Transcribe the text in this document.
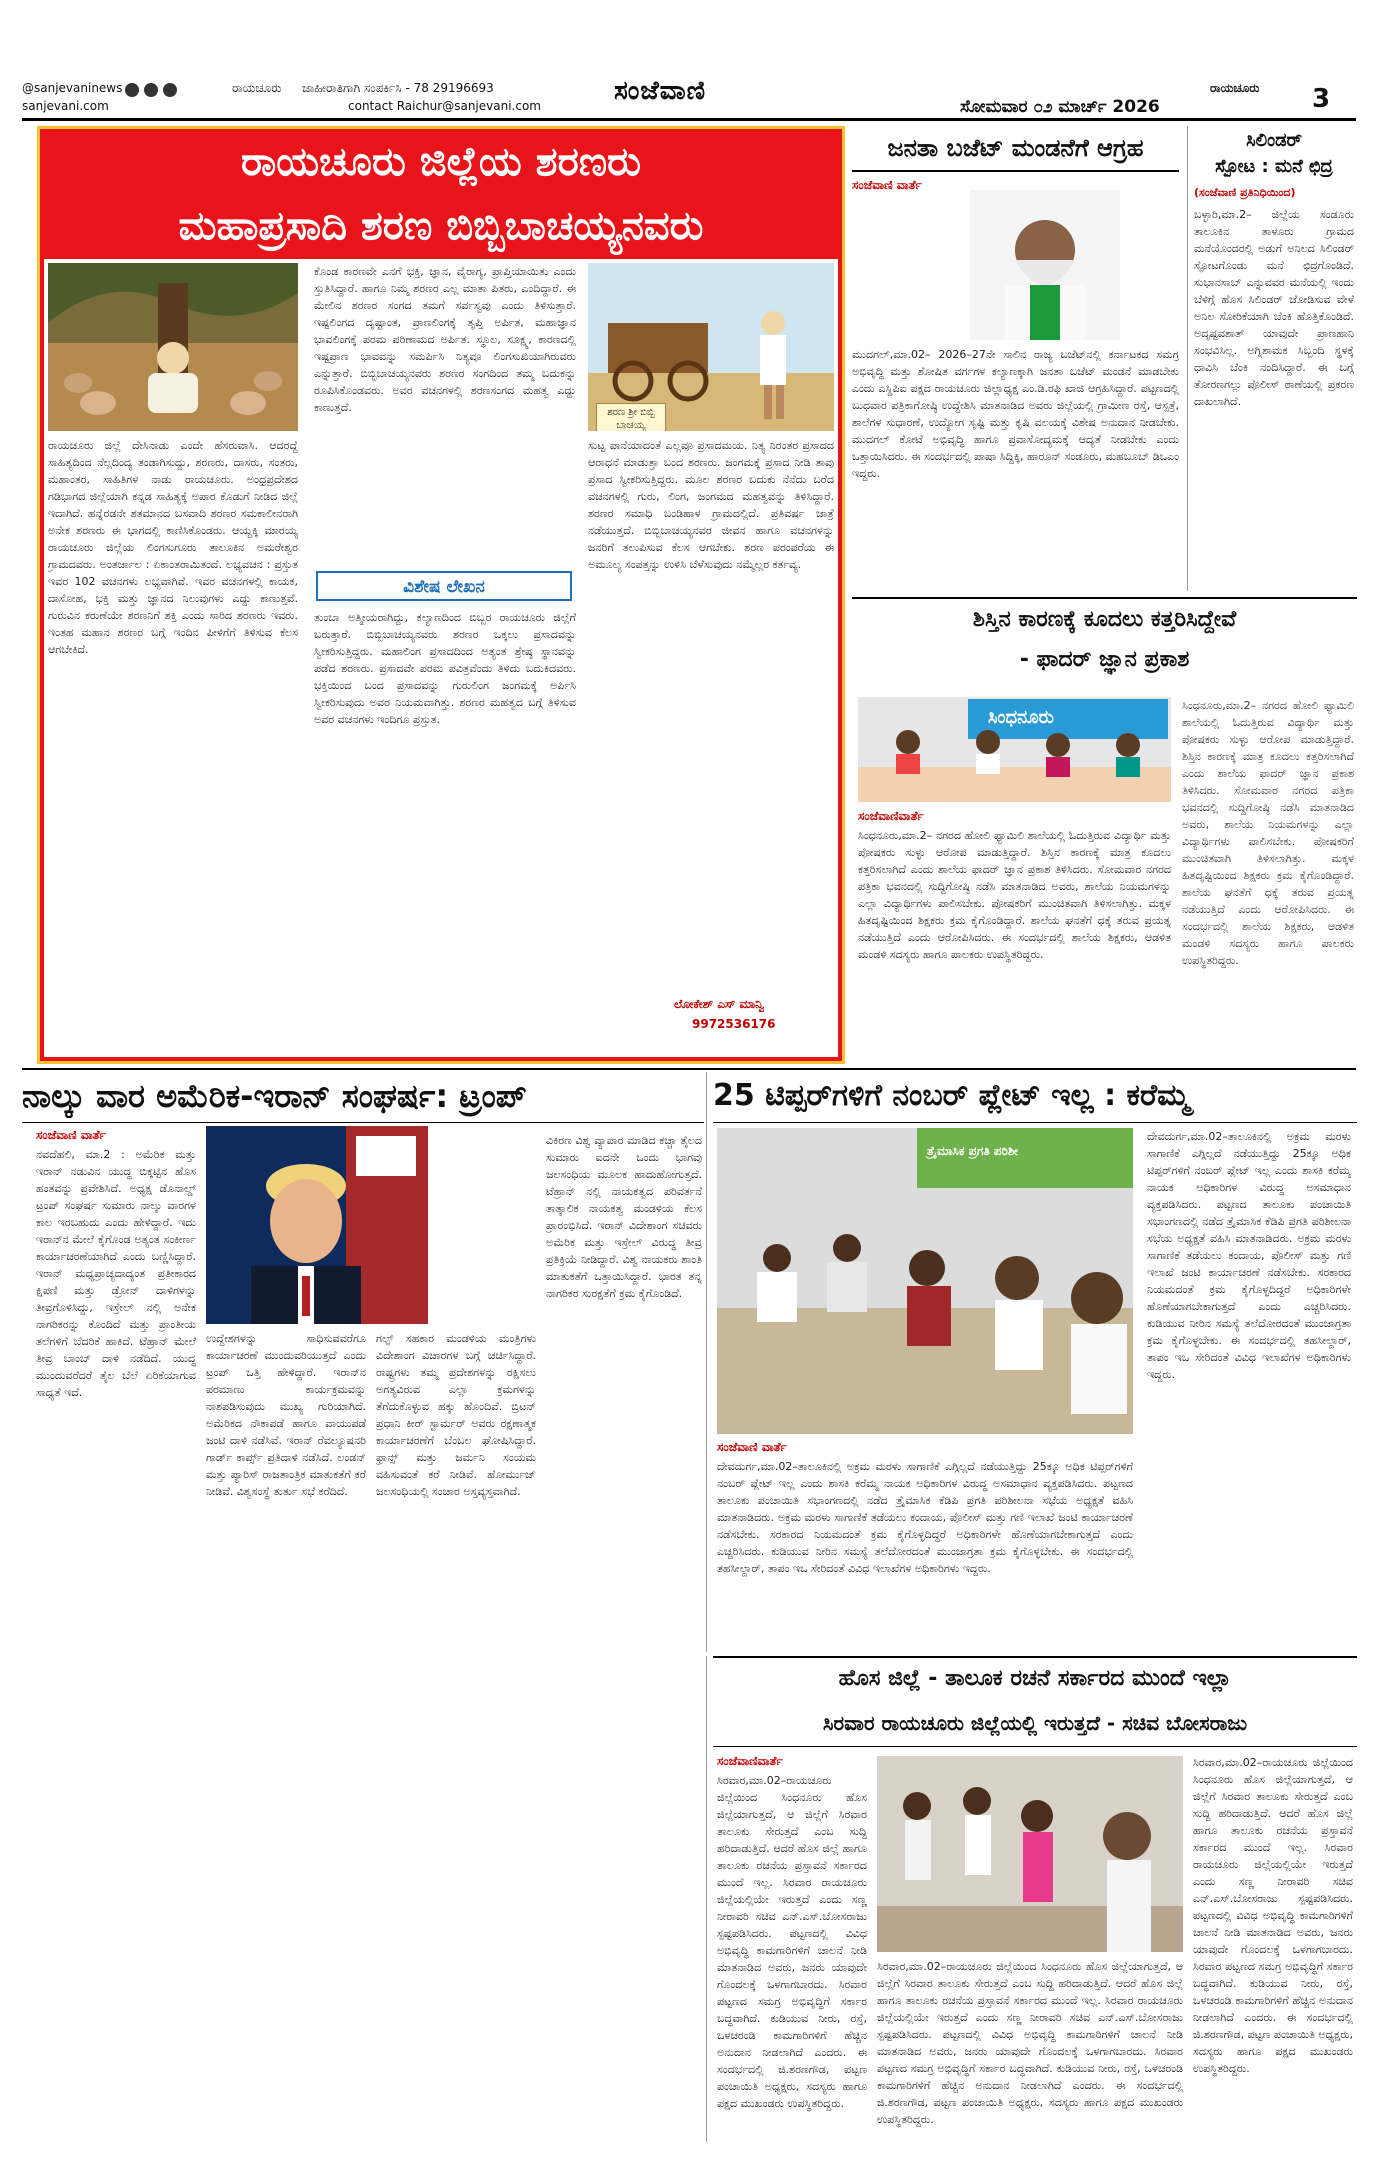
@sanjevaninews

sanjevani.com
ರಾಯಚೂರು ಜಾಹೀರಾತಿಗಾಗಿ ಸಂಪರ್ಕಿಸಿ - 78 29196693
contact Raichur@sanjevani.com	ಸಂಜೆವಾಣಿ	ರಾಯಚೂರು
ಸೋಮವಾರ ೦೨ ಮಾರ್ಚ್ 2026	3
ರಾಯಚೂರು ಜಿಲ್ಲೆಯ ಶರಣರು
ಮಹಾಪ್ರಸಾದಿ ಶರಣ ಬಿಬ್ಬಿಬಾಚಯ್ಯನವರು
ಶರಣ ಶ್ರೀ ಬಿಬ್ಬಿ ಬಾಚಯ್ಯ
ರಾಯಚೂರು ಜಿಲ್ಲೆ ದೇಸಿನಾಡು ಎಂದೇ ಹೆಸರುವಾಸಿ. ಆದರದ್ದೆ ಸಾಹಿತ್ಯದಿಂದ ನೆಲ್ಲದಿಂದ್ಯ ತಂಡಾಗಿಸುದ್ದು, ಶರಣರು, ದಾಸರು, ಸಂತರು, ಮಹಾಂತರ, ಸಾಹಿತಿಗಳ ನಾಡು ರಾಯಚೂರು. ಅಂಧ್ರಪ್ರದೇಶದ ಗಡಿಭಾಗದ ಜಿಲ್ಲೆಯಾಗಿ ಕನ್ನಡ ಸಾಹಿತ್ಯಕ್ಕೆ ಅಪಾರ ಕೊಡುಗೆ ನೀಡಿದ ಜಿಲ್ಲೆ ಇದಾಗಿದೆ. ಹನ್ನೆರಡನೇ ಶತಮಾನದ ಬಸವಾದಿ ಶರಣರ ಸಮಕಾಲೀನರಾಗಿ ಅನೇಕ ಶರಣರು ಈ ಭಾಗದಲ್ಲಿ ಕಾಣಿಸಿಕೊಂಡರು. ಆಯ್ದಕ್ಕಿ ಮಾರಯ್ಯ ರಾಯಚೂರು ಜಿಲ್ಲೆಯ ಲಿಂಗಸುಗೂರು ತಾಲೂಕಿನ ಅಮರೇಶ್ವರ ಗ್ರಾಮದವರು. ಅಂತರ್ಜಾಲ : ಏಕಾಂತರಾಮಿತಂದೆ. ಲಭ್ಯವಚನ : ಪ್ರಸ್ತುತ ಇವರ 102 ವಚನಗಳು ಲಭ್ಯವಾಗಿವೆ. ಇವರ ವಚನಗಳಲ್ಲಿ ಕಾಯಕ, ದಾಸೋಹ, ಭಕ್ತಿ ಮತ್ತು ಜ್ಞಾನದ ನಿಲುವುಗಳು ಎದ್ದು ಕಾಣುತ್ತವೆ. ಗುರುವಿನ ಕರುಣೆಯೇ ಶರಣನಿಗೆ ಶಕ್ತಿ ಎಂದು ಸಾರಿದ ಶರಣರು ಇವರು. ಇಂತಹ ಮಹಾನ ಶರಣರ ಬಗ್ಗೆ ಇಂದಿನ ಪೀಳಿಗೆಗೆ ತಿಳಿಸುವ ಕೆಲಸ ಆಗಬೇಕಿದೆ.
ಕೊಂಡ ಕಾರಣವೇ ಎನಗೆ ಭಕ್ತಿ, ಜ್ಞಾನ, ವೈರಾಗ್ಯ, ಪ್ರಾಪ್ತಿಯಾಯಿತು ಎಂದು ಸ್ತುತಿಸಿದ್ದಾರೆ. ಹಾಗೂ ನಿಮ್ಮ ಶರಣರ ಎಲ್ಲ ಮಾತಾ ಪಿತರು, ಎಂದಿದ್ದಾರೆ. ಈ ಮೇಲಿನ ಶರಣರ ಸಂಗದ ತಮಗೆ ಸರ್ವಸ್ವವು ಎಂದು ತಿಳಿಸುತ್ತಾರೆ. ಇಷ್ಟಲಿಂಗದ ದೃಷ್ಟಾಂತ, ಪ್ರಾಣಲಿಂಗಕ್ಕೆ ತೃಪ್ತಿ ಅರ್ಪಿತ, ಮಹಾಜ್ಞಾನ ಭಾವಲಿಂಗಕ್ಕೆ ಪರಮ ಪರಿಣಾಮದ ಅರ್ಪಿತ. ಸ್ಥೂಲ, ಸೂಕ್ಷ್ಮ, ಕಾರಣದಲ್ಲಿ ಇಷ್ಟಪ್ರಾಣ ಭಾವವನ್ನು ಸಮರ್ಪಿಸಿ ನಿತ್ಯವೂ ಲಿಂಗಸುಖಿಯಾಗಿರುವರು ಎನ್ನುತ್ತಾರೆ. ಬಿಬ್ಬಿಬಾಚಯ್ಯನವರು ಶರಣರ ಸಂಗದಿಂದ ತಮ್ಮ ಬದುಕನ್ನು ರೂಪಿಸಿಕೊಂಡವರು. ಅವರ ವಚನಗಳಲ್ಲಿ ಶರಣಸಂಗದ ಮಹತ್ವ ಎದ್ದು ಕಾಣುತ್ತದೆ.
ವಿಶೇಷ ಲೇಖನ
ತುಂಬಾ ಅತ್ಮೀಯರಾಗಿದ್ದು, ಕಲ್ಯಾಣದಿಂದ ಬಿಬ್ಬರ ರಾಯಚೂರು ಜಿಲ್ಲೆಗೆ ಬರುತ್ತಾರೆ. ಬಿಬ್ಬಿಬಾಚಯ್ಯನವರು ಶರಣರ ಒಕ್ಕಲು ಪ್ರಸಾದವನ್ನು ಸ್ವೀಕರಿಸುತ್ತಿದ್ದರು. ಮಹಾಲಿಂಗ ಪ್ರಸಾದದಿಂದ ಅತ್ಯಂತ ಶ್ರೇಷ್ಠ ಸ್ಥಾನವನ್ನು ಪಡೆದ ಶರಣರು. ಪ್ರಸಾದವೇ ಪರಮ ಪವಿತ್ರವೆಂದು ತಿಳಿದು ಬದುಕಿದವರು. ಭಕ್ತಿಯಿಂದ ಬಂದ ಪ್ರಸಾದವನ್ನು ಗುರುಲಿಂಗ ಜಂಗಮಕ್ಕೆ ಅರ್ಪಿಸಿ ಸ್ವೀಕರಿಸುವುದು ಅವರ ನಿಯಮವಾಗಿತ್ತು. ಶರಣರ ಮಹತ್ವದ ಬಗ್ಗೆ ತಿಳಿಸುವ ಅವರ ವಚನಗಳು ಇಂದಿಗೂ ಪ್ರಸ್ತುತ.
ಸುಟ್ಟ ಪಾನೆಯಾದಂತೆ ಎಲ್ಲವೂ ಪ್ರಸಾದಮಯ. ನಿತ್ಯ ನಿರಂತರ ಪ್ರಸಾದದ ಆರಾಧನೆ ಮಾಡುತ್ತಾ ಬಂದ ಶರಣರು. ಜಂಗಮಕ್ಕೆ ಪ್ರಸಾದ ನೀಡಿ ತಾವು ಪ್ರಸಾದ ಸ್ವೀಕರಿಸುತ್ತಿದ್ದರು. ಮೂಲ ಶರಣರ ಬದುಕು ನೆನೆದು ಬರೆದ ವಚನಗಳಲ್ಲಿ ಗುರು, ಲಿಂಗ, ಜಂಗಮದ ಮಹತ್ವವನ್ನು ತಿಳಿಸಿದ್ದಾರೆ. ಶರಣರ ಸಮಾಧಿ ಬಂಡಿಹಾಳ ಗ್ರಾಮದಲ್ಲಿದೆ. ಪ್ರತಿವರ್ಷ ಜಾತ್ರೆ ನಡೆಯುತ್ತದೆ. ಬಿಬ್ಬಿಬಾಚಯ್ಯನವರ ಜೀವನ ಹಾಗೂ ವಚನಗಳನ್ನು ಜನರಿಗೆ ತಲುಪಿಸುವ ಕೆಲಸ ಆಗಬೇಕು. ಶರಣ ಪರಂಪರೆಯ ಈ ಅಮೂಲ್ಯ ಸಂಪತ್ತನ್ನು ಉಳಿಸಿ ಬೆಳೆಸುವುದು ನಮ್ಮೆಲ್ಲರ ಕರ್ತವ್ಯ.
ಲೋಕೇಶ್ ಎಸ್ ಮಾನ್ವಿ
9972536176
ಜನತಾ ಬಜೆಟ್ ಮಂಡನೆಗೆ ಆಗ್ರಹ
ಸಂಜೆವಾಣಿ ವಾರ್ತೆ
ಮುದಗಲ್,ಮಾ.02– 2026–27ನೇ ಸಾಲಿನ ರಾಜ್ಯ ಬಜೆಟ್‌ನಲ್ಲಿ ಕರ್ನಾಟಕದ ಸಮಗ್ರ ಅಭಿವೃದ್ಧಿ ಮತ್ತು ಶೋಷಿತ ವರ್ಗಗಳ ಕಲ್ಯಾಣಕ್ಕಾಗಿ ಜನತಾ ಬಜೆಟ್ ಮಂಡನೆ ಮಾಡಬೇಕು ಎಂದು ಎಸ್ಡಿಪಿಐ ಪಕ್ಷದ ರಾಯಚೂರು ಜಿಲ್ಲಾಧ್ಯಕ್ಷ ಎಂ.ಡಿ.ರಫಿ ಖಾಜಿ ಆಗ್ರಹಿಸಿದ್ದಾರೆ. ಪಟ್ಟಣದಲ್ಲಿ ಬುಧವಾರ ಪತ್ರಿಕಾಗೋಷ್ಠಿ ಉದ್ದೇಶಿಸಿ ಮಾತನಾಡಿದ ಅವರು ಜಿಲ್ಲೆಯಲ್ಲಿ ಗ್ರಾಮೀಣ ರಸ್ತೆ, ಆಸ್ಪತ್ರೆ, ಶಾಲೆಗಳ ಸುಧಾರಣೆ, ಉದ್ಯೋಗ ಸೃಷ್ಟಿ ಮತ್ತು ಕೃಷಿ ವಲಯಕ್ಕೆ ವಿಶೇಷ ಅನುದಾನ ನೀಡಬೇಕು. ಮುದಗಲ್ ಕೋಟೆ ಅಭಿವೃದ್ಧಿ ಹಾಗೂ ಪ್ರವಾಸೋದ್ಯಮಕ್ಕೆ ಆದ್ಯತೆ ನೀಡಬೇಕು ಎಂದು ಒತ್ತಾಯಿಸಿದರು. ಈ ಸಂದರ್ಭದಲ್ಲಿ ಪಾಷಾ ಸಿದ್ದಿಕ್ಕಿ, ಹಾರೂನ್ ಸಂಡೂರು, ಮಹಬೂಬ್ ಡಿಒಎಂ ಇದ್ದರು.
ಸಿಲಿಂಡರ್
ಸ್ಫೋಟ : ಮನೆ ಛಿದ್ರ
(ಸಂಜೆವಾಣಿ ಪ್ರತಿನಿಧಿಯಿಂದ)
ಬಳ್ಳಾರಿ,ಮಾ.2– ಜಿಲ್ಲೆಯ ಸಂಡೂರು ತಾಲೂಕಿನ ತಾಳೂರು ಗ್ರಾಮದ ಮನೆಯೊಂದರಲ್ಲಿ ಅಡುಗೆ ಅನಿಲದ ಸಿಲಿಂಡರ್ ಸ್ಫೋಟಗೊಂಡು ಮನೆ ಛಿದ್ರಗೊಂಡಿದೆ. ಸುಭಾನಸಾಬ್ ಎನ್ನುವವರ ಮನೆಯಲ್ಲಿ ಇಂದು ಬೆಳಿಗ್ಗೆ ಹೊಸ ಸಿಲಿಂಡರ್ ಜೋಡಿಸುವ ವೇಳೆ ಅನಿಲ ಸೋರಿಕೆಯಾಗಿ ಬೆಂಕಿ ಹೊತ್ತಿಕೊಂಡಿದೆ. ಅದೃಷ್ಟವಶಾತ್ ಯಾವುದೇ ಪ್ರಾಣಹಾನಿ ಸಂಭವಿಸಿಲ್ಲ. ಅಗ್ನಿಶಾಮಕ ಸಿಬ್ಬಂದಿ ಸ್ಥಳಕ್ಕೆ ಧಾವಿಸಿ ಬೆಂಕಿ ನಂದಿಸಿದ್ದಾರೆ. ಈ ಬಗ್ಗೆ ತೋರಣಗಲ್ಲು ಪೊಲೀಸ್ ಠಾಣೆಯಲ್ಲಿ ಪ್ರಕರಣ ದಾಖಲಾಗಿದೆ.
ಶಿಸ್ತಿನ ಕಾರಣಕ್ಕೆ ಕೂದಲು ಕತ್ತರಿಸಿದ್ದೇವೆ
- ಫಾದರ್ ಜ್ಞಾನ ಪ್ರಕಾಶ
ಸಿಂಧನೂರು
ಸಂಜೆವಾಣಿವಾರ್ತೆ
ಸಿಂಧನೂರು,ಮಾ.2– ನಗರದ ಹೋಲಿ ಫ್ಯಾಮಿಲಿ ಶಾಲೆಯಲ್ಲಿ ಓದುತ್ತಿರುವ ವಿದ್ಯಾರ್ಥಿ ಮತ್ತು ಪೋಷಕರು ಸುಳ್ಳು ಆರೋಪ ಮಾಡುತ್ತಿದ್ದಾರೆ. ಶಿಸ್ತಿನ ಕಾರಣಕ್ಕೆ ಮಾತ್ರ ಕೂದಲು ಕತ್ತರಿಸಲಾಗಿದೆ ಎಂದು ಶಾಲೆಯ ಫಾದರ್ ಜ್ಞಾನ ಪ್ರಕಾಶ ತಿಳಿಸಿದರು. ಸೋಮವಾರ ನಗರದ ಪತ್ರಿಕಾ ಭವನದಲ್ಲಿ ಸುದ್ದಿಗೋಷ್ಠಿ ನಡೆಸಿ ಮಾತನಾಡಿದ ಅವರು, ಶಾಲೆಯ ನಿಯಮಗಳನ್ನು ಎಲ್ಲಾ ವಿದ್ಯಾರ್ಥಿಗಳು ಪಾಲಿಸಬೇಕು. ಪೋಷಕರಿಗೆ ಮುಂಚಿತವಾಗಿ ತಿಳಿಸಲಾಗಿತ್ತು. ಮಕ್ಕಳ ಹಿತದೃಷ್ಟಿಯಿಂದ ಶಿಕ್ಷಕರು ಕ್ರಮ ಕೈಗೊಂಡಿದ್ದಾರೆ. ಶಾಲೆಯ ಘನತೆಗೆ ಧಕ್ಕೆ ತರುವ ಪ್ರಯತ್ನ ನಡೆಯುತ್ತಿದೆ ಎಂದು ಆರೋಪಿಸಿದರು. ಈ ಸಂದರ್ಭದಲ್ಲಿ ಶಾಲೆಯ ಶಿಕ್ಷಕರು, ಆಡಳಿತ ಮಂಡಳಿ ಸದಸ್ಯರು ಹಾಗೂ ಪಾಲಕರು ಉಪಸ್ಥಿತರಿದ್ದರು.
ಸಿಂಧನೂರು,ಮಾ.2– ನಗರದ ಹೋಲಿ ಫ್ಯಾಮಿಲಿ ಶಾಲೆಯಲ್ಲಿ ಓದುತ್ತಿರುವ ವಿದ್ಯಾರ್ಥಿ ಮತ್ತು ಪೋಷಕರು ಸುಳ್ಳು ಆರೋಪ ಮಾಡುತ್ತಿದ್ದಾರೆ. ಶಿಸ್ತಿನ ಕಾರಣಕ್ಕೆ ಮಾತ್ರ ಕೂದಲು ಕತ್ತರಿಸಲಾಗಿದೆ ಎಂದು ಶಾಲೆಯ ಫಾದರ್ ಜ್ಞಾನ ಪ್ರಕಾಶ ತಿಳಿಸಿದರು. ಸೋಮವಾರ ನಗರದ ಪತ್ರಿಕಾ ಭವನದಲ್ಲಿ ಸುದ್ದಿಗೋಷ್ಠಿ ನಡೆಸಿ ಮಾತನಾಡಿದ ಅವರು, ಶಾಲೆಯ ನಿಯಮಗಳನ್ನು ಎಲ್ಲಾ ವಿದ್ಯಾರ್ಥಿಗಳು ಪಾಲಿಸಬೇಕು. ಪೋಷಕರಿಗೆ ಮುಂಚಿತವಾಗಿ ತಿಳಿಸಲಾಗಿತ್ತು. ಮಕ್ಕಳ ಹಿತದೃಷ್ಟಿಯಿಂದ ಶಿಕ್ಷಕರು ಕ್ರಮ ಕೈಗೊಂಡಿದ್ದಾರೆ. ಶಾಲೆಯ ಘನತೆಗೆ ಧಕ್ಕೆ ತರುವ ಪ್ರಯತ್ನ ನಡೆಯುತ್ತಿದೆ ಎಂದು ಆರೋಪಿಸಿದರು. ಈ ಸಂದರ್ಭದಲ್ಲಿ ಶಾಲೆಯ ಶಿಕ್ಷಕರು, ಆಡಳಿತ ಮಂಡಳಿ ಸದಸ್ಯರು ಹಾಗೂ ಪಾಲಕರು ಉಪಸ್ಥಿತರಿದ್ದರು.
ನಾಲ್ಕು ವಾರ ಅಮೆರಿಕ-ಇರಾನ್ ಸಂಘರ್ಷ: ಟ್ರಂಪ್
ಸಂಜೆವಾಣಿ ವಾರ್ತೆ
ನವದೆಹಲಿ, ಮಾ.2 : ಅಮೆರಿಕ ಮತ್ತು ಇರಾನ್ ನಡುವಿನ ಯುದ್ಧ ಬಿಕ್ಕಟ್ಟಿನ ಹೊಸ ಹಂತವನ್ನು ಪ್ರವೇಶಿಸಿದೆ. ಅಧ್ಯಕ್ಷ ಡೊನಾಲ್ಡ್ ಟ್ರಂಪ್ ಸಂಘರ್ಷ ಸುಮಾರು ನಾಲ್ಕು ವಾರಗಳ ಕಾಲ ಇರಬಹುದು ಎಂದು ಹೇಳಿದ್ದಾರೆ. ಇದು ಇರಾನ್‌ನ ಮೇಲೆ ಕೈಗೊಂಡ ಅತ್ಯಂತ ಸಂಕೀರ್ಣ ಕಾರ್ಯಾಚರಣೆಯಾಗಿದೆ ಎಂದು ಬಣ್ಣಿಸಿದ್ದಾರೆ. ಇರಾನ್ ಮಧ್ಯಪ್ರಾಚ್ಯದಾದ್ಯಂತ ಪ್ರತೀಕಾರದ ಕ್ಷಿಪಣಿ ಮತ್ತು ಡ್ರೋನ್ ದಾಳಿಗಳನ್ನು ತೀವ್ರಗೊಳಿಸಿದ್ದು, ಇಸ್ರೇಲ್ ನಲ್ಲಿ ಅನೇಕ ನಾಗರಿಕರನ್ನು ಕೊಂದಿದೆ ಮತ್ತು ಪ್ರಾಂತೀಯ ತಲೆಗಳಿಗೆ ಬೆದರಿಕೆ ಹಾಕಿದೆ. ಟೆಹ್ರಾನ್ ಮೇಲೆ ತೀವ್ರ ಬಾಂಬ್ ದಾಳಿ ನಡೆದಿದೆ. ಯುದ್ಧ ಮುಂದುವರೆದರೆ ತೈಲ ಬೆಲೆ ಏರಿಕೆಯಾಗುವ ಸಾಧ್ಯತೆ ಇದೆ.
ಉದ್ದೇಶಗಳನ್ನು ಸಾಧಿಸುವವರೆಗೂ ಕಾರ್ಯಾಚರಣೆ ಮುಂದುವರಿಯುತ್ತದೆ ಎಂದು ಟ್ರಂಪ್ ಒತ್ತಿ ಹೇಳಿದ್ದಾರೆ. ಇರಾನ್‌ನ ಪರಮಾಣು ಕಾರ್ಯಕ್ರಮವನ್ನು ನಾಶಪಡಿಸುವುದು ಮುಖ್ಯ ಗುರಿಯಾಗಿದೆ. ಅಮೆರಿಕದ ನೌಕಾಪಡೆ ಹಾಗೂ ವಾಯುಪಡೆ ಜಂಟಿ ದಾಳಿ ನಡೆಸಿವೆ. ಇರಾನ್ ರೆವಲ್ಯೂಷನರಿ ಗಾರ್ಡ್ ಕಾರ್ಪ್ಸ್ ಪ್ರತಿದಾಳಿ ನಡೆಸಿದೆ. ಲಂಡನ್ ಮತ್ತು ಪ್ಯಾರಿಸ್ ರಾಜತಾಂತ್ರಿಕ ಮಾತುಕತೆಗೆ ಕರೆ ನೀಡಿವೆ. ವಿಶ್ವಸಂಸ್ಥೆ ತುರ್ತು ಸಭೆ ಕರೆದಿದೆ.
ಗಲ್ಫ್ ಸಹಕಾರ ಮಂಡಳಿಯ ಮಂತ್ರಿಗಳು ವಿದೇಶಾಂಗ ವಿಚಾರಗಳ ಬಗ್ಗೆ ಚರ್ಚಿಸಿದ್ದಾರೆ. ರಾಷ್ಟ್ರಗಳು ತಮ್ಮ ಪ್ರದೇಶಗಳನ್ನು ರಕ್ಷಿಸಲು ಅಗತ್ಯವಿರುವ ಎಲ್ಲಾ ಕ್ರಮಗಳನ್ನು ತೆಗೆದುಕೊಳ್ಳುವ ಹಕ್ಕು ಹೊಂದಿವೆ. ಬ್ರಿಟನ್ ಪ್ರಧಾನಿ ಕೀರ್ ಸ್ಟಾರ್ಮರ್ ಅವರು ರಕ್ಷಣಾತ್ಮಕ ಕಾರ್ಯಾಚರಣೆಗೆ ಬೆಂಬಲ ಘೋಷಿಸಿದ್ದಾರೆ. ಫ್ರಾನ್ಸ್ ಮತ್ತು ಜರ್ಮನಿ ಸಂಯಮ ವಹಿಸುವಂತೆ ಕರೆ ನೀಡಿವೆ. ಹೋರ್ಮುಜ್ ಜಲಸಂಧಿಯಲ್ಲಿ ಸಂಚಾರ ಅಸ್ತವ್ಯಸ್ತವಾಗಿದೆ.
ವಿಕಿರಣ ವಿಶ್ವ ವ್ಯಾಪಾರ ಮಾಡಿದ ಕಚ್ಚಾ ತೈಲದ ಸುಮಾರು ಐದನೇ ಒಂದು ಭಾಗವು ಜಲಸಂಧಿಯ ಮೂಲಕ ಹಾದುಹೋಗುತ್ತದೆ. ಟೆಹ್ರಾನ್ ನಲ್ಲಿ ನಾಯಕತ್ವದ ಪರಿವರ್ತನೆ ತಾತ್ಕಾಲಿಕ ನಾಯಕತ್ವ ಮಂಡಳಿಯ ಕೆಲಸ ಪ್ರಾರಂಭಿಸಿದೆ. ಇರಾನ್ ವಿದೇಶಾಂಗ ಸಚಿವರು ಅಮೆರಿಕ ಮತ್ತು ಇಸ್ರೇಲ್ ವಿರುದ್ಧ ತೀವ್ರ ಪ್ರತಿಕ್ರಿಯೆ ನೀಡಿದ್ದಾರೆ. ವಿಶ್ವ ನಾಯಕರು ಶಾಂತಿ ಮಾತುಕತೆಗೆ ಒತ್ತಾಯಿಸಿದ್ದಾರೆ. ಭಾರತ ತನ್ನ ನಾಗರಿಕರ ಸುರಕ್ಷತೆಗೆ ಕ್ರಮ ಕೈಗೊಂಡಿದೆ.
25 ಟಿಪ್ಪರ್‌ಗಳಿಗೆ ನಂಬರ್ ಪ್ಲೇಟ್ ಇಲ್ಲ : ಕರೆಮ್ಮ
ತ್ರೈಮಾಸಿಕ ಪ್ರಗತಿ ಪರಿಶೀ
ಸಂಜೆವಾಣಿ ವಾರ್ತೆ
ದೇವದುರ್ಗ,ಮಾ.02–ತಾಲೂಕಿನಲ್ಲಿ ಅಕ್ರಮ ಮರಳು ಸಾಗಾಣಿಕೆ ಎಗ್ಗಿಲ್ಲದೆ ನಡೆಯುತ್ತಿದ್ದು 25ಕ್ಕೂ ಅಧಿಕ ಟಿಪ್ಪರ್‌ಗಳಿಗೆ ನಂಬರ್ ಪ್ಲೇಟ್ ಇಲ್ಲ ಎಂದು ಶಾಸಕಿ ಕರೆಮ್ಮ ನಾಯಕ ಅಧಿಕಾರಿಗಳ ವಿರುದ್ಧ ಅಸಮಾಧಾನ ವ್ಯಕ್ತಪಡಿಸಿದರು. ಪಟ್ಟಣದ ತಾಲೂಕು ಪಂಚಾಯಿತಿ ಸಭಾಂಗಣದಲ್ಲಿ ನಡೆದ ತ್ರೈಮಾಸಿಕ ಕೆಡಿಪಿ ಪ್ರಗತಿ ಪರಿಶೀಲನಾ ಸಭೆಯ ಅಧ್ಯಕ್ಷತೆ ವಹಿಸಿ ಮಾತನಾಡಿದರು. ಅಕ್ರಮ ಮರಳು ಸಾಗಾಣಿಕೆ ತಡೆಯಲು ಕಂದಾಯ, ಪೊಲೀಸ್ ಮತ್ತು ಗಣಿ ಇಲಾಖೆ ಜಂಟಿ ಕಾರ್ಯಾಚರಣೆ ನಡೆಸಬೇಕು. ಸರಕಾರದ ನಿಯಮದಂತೆ ಕ್ರಮ ಕೈಗೊಳ್ಳದಿದ್ದರೆ ಅಧಿಕಾರಿಗಳೇ ಹೊಣೆಯಾಗಬೇಕಾಗುತ್ತದೆ ಎಂದು ಎಚ್ಚರಿಸಿದರು. ಕುಡಿಯುವ ನೀರಿನ ಸಮಸ್ಯೆ ತಲೆದೋರದಂತೆ ಮುಂಜಾಗ್ರತಾ ಕ್ರಮ ಕೈಗೊಳ್ಳಬೇಕು. ಈ ಸಂದರ್ಭದಲ್ಲಿ ತಹಸೀಲ್ದಾರ್, ತಾಪಂ ಇಒ ಸೇರಿದಂತೆ ವಿವಿಧ ಇಲಾಖೆಗಳ ಅಧಿಕಾರಿಗಳು ಇದ್ದರು.
ದೇವದುರ್ಗ,ಮಾ.02–ತಾಲೂಕಿನಲ್ಲಿ ಅಕ್ರಮ ಮರಳು ಸಾಗಾಣಿಕೆ ಎಗ್ಗಿಲ್ಲದೆ ನಡೆಯುತ್ತಿದ್ದು 25ಕ್ಕೂ ಅಧಿಕ ಟಿಪ್ಪರ್‌ಗಳಿಗೆ ನಂಬರ್ ಪ್ಲೇಟ್ ಇಲ್ಲ ಎಂದು ಶಾಸಕಿ ಕರೆಮ್ಮ ನಾಯಕ ಅಧಿಕಾರಿಗಳ ವಿರುದ್ಧ ಅಸಮಾಧಾನ ವ್ಯಕ್ತಪಡಿಸಿದರು. ಪಟ್ಟಣದ ತಾಲೂಕು ಪಂಚಾಯಿತಿ ಸಭಾಂಗಣದಲ್ಲಿ ನಡೆದ ತ್ರೈಮಾಸಿಕ ಕೆಡಿಪಿ ಪ್ರಗತಿ ಪರಿಶೀಲನಾ ಸಭೆಯ ಅಧ್ಯಕ್ಷತೆ ವಹಿಸಿ ಮಾತನಾಡಿದರು. ಅಕ್ರಮ ಮರಳು ಸಾಗಾಣಿಕೆ ತಡೆಯಲು ಕಂದಾಯ, ಪೊಲೀಸ್ ಮತ್ತು ಗಣಿ ಇಲಾಖೆ ಜಂಟಿ ಕಾರ್ಯಾಚರಣೆ ನಡೆಸಬೇಕು. ಸರಕಾರದ ನಿಯಮದಂತೆ ಕ್ರಮ ಕೈಗೊಳ್ಳದಿದ್ದರೆ ಅಧಿಕಾರಿಗಳೇ ಹೊಣೆಯಾಗಬೇಕಾಗುತ್ತದೆ ಎಂದು ಎಚ್ಚರಿಸಿದರು. ಕುಡಿಯುವ ನೀರಿನ ಸಮಸ್ಯೆ ತಲೆದೋರದಂತೆ ಮುಂಜಾಗ್ರತಾ ಕ್ರಮ ಕೈಗೊಳ್ಳಬೇಕು. ಈ ಸಂದರ್ಭದಲ್ಲಿ ತಹಸೀಲ್ದಾರ್, ತಾಪಂ ಇಒ ಸೇರಿದಂತೆ ವಿವಿಧ ಇಲಾಖೆಗಳ ಅಧಿಕಾರಿಗಳು ಇದ್ದರು.
ಹೊಸ ಜಿಲ್ಲೆ - ತಾಲೂಕ ರಚನೆ ಸರ್ಕಾರದ ಮುಂದೆ ಇಲ್ಲಾ
ಸಿರವಾರ ರಾಯಚೂರು ಜಿಲ್ಲೆಯಲ್ಲಿ ಇರುತ್ತದೆ - ಸಚಿವ ಬೋಸರಾಜು
ಸಂಜೆವಾಣಿವಾರ್ತೆ
ಸಿರವಾರ,ಮಾ.02–ರಾಯಚೂರು ಜಿಲ್ಲೆಯಿಂದ ಸಿಂಧನೂರು ಹೊಸ ಜಿಲ್ಲೆಯಾಗುತ್ತದೆ, ಆ ಜಿಲ್ಲೆಗೆ ಸಿರವಾರ ತಾಲೂಕು ಸೇರುತ್ತದೆ ಎಂಬ ಸುದ್ದಿ ಹರಿದಾಡುತ್ತಿದೆ. ಆದರೆ ಹೊಸ ಜಿಲ್ಲೆ ಹಾಗೂ ತಾಲೂಕು ರಚನೆಯ ಪ್ರಸ್ತಾವನೆ ಸರ್ಕಾರದ ಮುಂದೆ ಇಲ್ಲ. ಸಿರವಾರ ರಾಯಚೂರು ಜಿಲ್ಲೆಯಲ್ಲಿಯೇ ಇರುತ್ತದೆ ಎಂದು ಸಣ್ಣ ನೀರಾವರಿ ಸಚಿವ ಎನ್.ಎಸ್.ಬೋಸರಾಜು ಸ್ಪಷ್ಟಪಡಿಸಿದರು. ಪಟ್ಟಣದಲ್ಲಿ ವಿವಿಧ ಅಭಿವೃದ್ಧಿ ಕಾಮಗಾರಿಗಳಿಗೆ ಚಾಲನೆ ನೀಡಿ ಮಾತನಾಡಿದ ಅವರು, ಜನರು ಯಾವುದೇ ಗೊಂದಲಕ್ಕೆ ಒಳಗಾಗಬಾರದು. ಸಿರವಾರ ಪಟ್ಟಣದ ಸಮಗ್ರ ಅಭಿವೃದ್ಧಿಗೆ ಸರ್ಕಾರ ಬದ್ಧವಾಗಿದೆ. ಕುಡಿಯುವ ನೀರು, ರಸ್ತೆ, ಒಳಚರಂಡಿ ಕಾಮಗಾರಿಗಳಿಗೆ ಹೆಚ್ಚಿನ ಅನುದಾನ ನೀಡಲಾಗಿದೆ ಎಂದರು. ಈ ಸಂದರ್ಭದಲ್ಲಿ ಜಿ.ಶರಣಗೌಡ, ಪಟ್ಟಣ ಪಂಚಾಯಿತಿ ಅಧ್ಯಕ್ಷರು, ಸದಸ್ಯರು ಹಾಗೂ ಪಕ್ಷದ ಮುಖಂಡರು ಉಪಸ್ಥಿತರಿದ್ದರು.
ಸಿರವಾರ,ಮಾ.02–ರಾಯಚೂರು ಜಿಲ್ಲೆಯಿಂದ ಸಿಂಧನೂರು ಹೊಸ ಜಿಲ್ಲೆಯಾಗುತ್ತದೆ, ಆ ಜಿಲ್ಲೆಗೆ ಸಿರವಾರ ತಾಲೂಕು ಸೇರುತ್ತದೆ ಎಂಬ ಸುದ್ದಿ ಹರಿದಾಡುತ್ತಿದೆ. ಆದರೆ ಹೊಸ ಜಿಲ್ಲೆ ಹಾಗೂ ತಾಲೂಕು ರಚನೆಯ ಪ್ರಸ್ತಾವನೆ ಸರ್ಕಾರದ ಮುಂದೆ ಇಲ್ಲ. ಸಿರವಾರ ರಾಯಚೂರು ಜಿಲ್ಲೆಯಲ್ಲಿಯೇ ಇರುತ್ತದೆ ಎಂದು ಸಣ್ಣ ನೀರಾವರಿ ಸಚಿವ ಎನ್.ಎಸ್.ಬೋಸರಾಜು ಸ್ಪಷ್ಟಪಡಿಸಿದರು. ಪಟ್ಟಣದಲ್ಲಿ ವಿವಿಧ ಅಭಿವೃದ್ಧಿ ಕಾಮಗಾರಿಗಳಿಗೆ ಚಾಲನೆ ನೀಡಿ ಮಾತನಾಡಿದ ಅವರು, ಜನರು ಯಾವುದೇ ಗೊಂದಲಕ್ಕೆ ಒಳಗಾಗಬಾರದು. ಸಿರವಾರ ಪಟ್ಟಣದ ಸಮಗ್ರ ಅಭಿವೃದ್ಧಿಗೆ ಸರ್ಕಾರ ಬದ್ಧವಾಗಿದೆ. ಕುಡಿಯುವ ನೀರು, ರಸ್ತೆ, ಒಳಚರಂಡಿ ಕಾಮಗಾರಿಗಳಿಗೆ ಹೆಚ್ಚಿನ ಅನುದಾನ ನೀಡಲಾಗಿದೆ ಎಂದರು. ಈ ಸಂದರ್ಭದಲ್ಲಿ ಜಿ.ಶರಣಗೌಡ, ಪಟ್ಟಣ ಪಂಚಾಯಿತಿ ಅಧ್ಯಕ್ಷರು, ಸದಸ್ಯರು ಹಾಗೂ ಪಕ್ಷದ ಮುಖಂಡರು ಉಪಸ್ಥಿತರಿದ್ದರು.
ಸಿರವಾರ,ಮಾ.02–ರಾಯಚೂರು ಜಿಲ್ಲೆಯಿಂದ ಸಿಂಧನೂರು ಹೊಸ ಜಿಲ್ಲೆಯಾಗುತ್ತದೆ, ಆ ಜಿಲ್ಲೆಗೆ ಸಿರವಾರ ತಾಲೂಕು ಸೇರುತ್ತದೆ ಎಂಬ ಸುದ್ದಿ ಹರಿದಾಡುತ್ತಿದೆ. ಆದರೆ ಹೊಸ ಜಿಲ್ಲೆ ಹಾಗೂ ತಾಲೂಕು ರಚನೆಯ ಪ್ರಸ್ತಾವನೆ ಸರ್ಕಾರದ ಮುಂದೆ ಇಲ್ಲ. ಸಿರವಾರ ರಾಯಚೂರು ಜಿಲ್ಲೆಯಲ್ಲಿಯೇ ಇರುತ್ತದೆ ಎಂದು ಸಣ್ಣ ನೀರಾವರಿ ಸಚಿವ ಎನ್.ಎಸ್.ಬೋಸರಾಜು ಸ್ಪಷ್ಟಪಡಿಸಿದರು. ಪಟ್ಟಣದಲ್ಲಿ ವಿವಿಧ ಅಭಿವೃದ್ಧಿ ಕಾಮಗಾರಿಗಳಿಗೆ ಚಾಲನೆ ನೀಡಿ ಮಾತನಾಡಿದ ಅವರು, ಜನರು ಯಾವುದೇ ಗೊಂದಲಕ್ಕೆ ಒಳಗಾಗಬಾರದು. ಸಿರವಾರ ಪಟ್ಟಣದ ಸಮಗ್ರ ಅಭಿವೃದ್ಧಿಗೆ ಸರ್ಕಾರ ಬದ್ಧವಾಗಿದೆ. ಕುಡಿಯುವ ನೀರು, ರಸ್ತೆ, ಒಳಚರಂಡಿ ಕಾಮಗಾರಿಗಳಿಗೆ ಹೆಚ್ಚಿನ ಅನುದಾನ ನೀಡಲಾಗಿದೆ ಎಂದರು. ಈ ಸಂದರ್ಭದಲ್ಲಿ ಜಿ.ಶರಣಗೌಡ, ಪಟ್ಟಣ ಪಂಚಾಯಿತಿ ಅಧ್ಯಕ್ಷರು, ಸದಸ್ಯರು ಹಾಗೂ ಪಕ್ಷದ ಮುಖಂಡರು ಉಪಸ್ಥಿತರಿದ್ದರು.
